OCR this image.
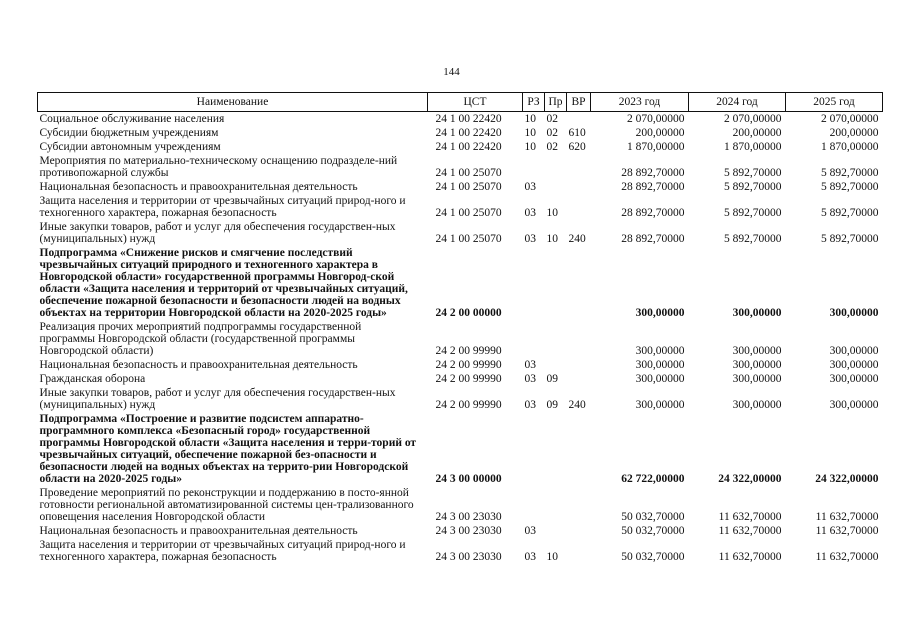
144
Наименование	ЦСТ	РЗ	Пр	ВР	2023 год	2024 год	2025 год
Социальное обслуживание населения	24 1 00 22420	10	02		2 070,00000	2 070,00000	2 070,00000
Субсидии бюджетным учреждениям	24 1 00 22420	10	02	610	200,00000	200,00000	200,00000
Субсидии автономным учреждениям	24 1 00 22420	10	02	620	1 870,00000	1 870,00000	1 870,00000
Мероприятия по материально-техническому оснащению подразделе-ний противопожарной службы	24 1 00 25070				28 892,70000	5 892,70000	5 892,70000
Национальная безопасность и правоохранительная деятельность	24 1 00 25070	03			28 892,70000	5 892,70000	5 892,70000
Защита населения и территории от чрезвычайных ситуаций природ-ного и техногенного характера, пожарная безопасность	24 1 00 25070	03	10		28 892,70000	5 892,70000	5 892,70000
Иные закупки товаров, работ и услуг для обеспечения государствен-ных (муниципальных) нужд	24 1 00 25070	03	10	240	28 892,70000	5 892,70000	5 892,70000
Подпрограмма «Снижение рисков и смягчение последствий чрезвычайных ситуаций природного и техногенного характера в Новгородской области» государственной программы Новгород-ской области «Защита населения и территорий от чрезвычайных ситуаций, обеспечение пожарной безопасности и безопасности людей на водных объектах на территории Новгородской области на 2020-2025 годы»	24 2 00 00000				300,00000	300,00000	300,00000
Реализация прочих мероприятий подпрограммы государственной программы Новгородской области (государственной программы Новгородской области)	24 2 00 99990				300,00000	300,00000	300,00000
Национальная безопасность и правоохранительная деятельность	24 2 00 99990	03			300,00000	300,00000	300,00000
Гражданская оборона	24 2 00 99990	03	09		300,00000	300,00000	300,00000
Иные закупки товаров, работ и услуг для обеспечения государствен-ных (муниципальных) нужд	24 2 00 99990	03	09	240	300,00000	300,00000	300,00000
Подпрограмма «Построение и развитие подсистем аппаратно-программного комплекса «Безопасный город» государственной программы Новгородской области «Защита населения и терри-торий от чрезвычайных ситуаций, обеспечение пожарной без-опасности и безопасности людей на водных объектах на террито-рии Новгородской области на 2020-2025 годы»	24 3 00 00000				62 722,00000	24 322,00000	24 322,00000
Проведение мероприятий по реконструкции и поддержанию в посто-янной готовности региональной автоматизированной системы цен-трализованного оповещения населения Новгородской области	24 3 00 23030				50 032,70000	11 632,70000	11 632,70000
Национальная безопасность и правоохранительная деятельность	24 3 00 23030	03			50 032,70000	11 632,70000	11 632,70000
Защита населения и территории от чрезвычайных ситуаций природ-ного и техногенного характера, пожарная безопасность	24 3 00 23030	03	10		50 032,70000	11 632,70000	11 632,70000
